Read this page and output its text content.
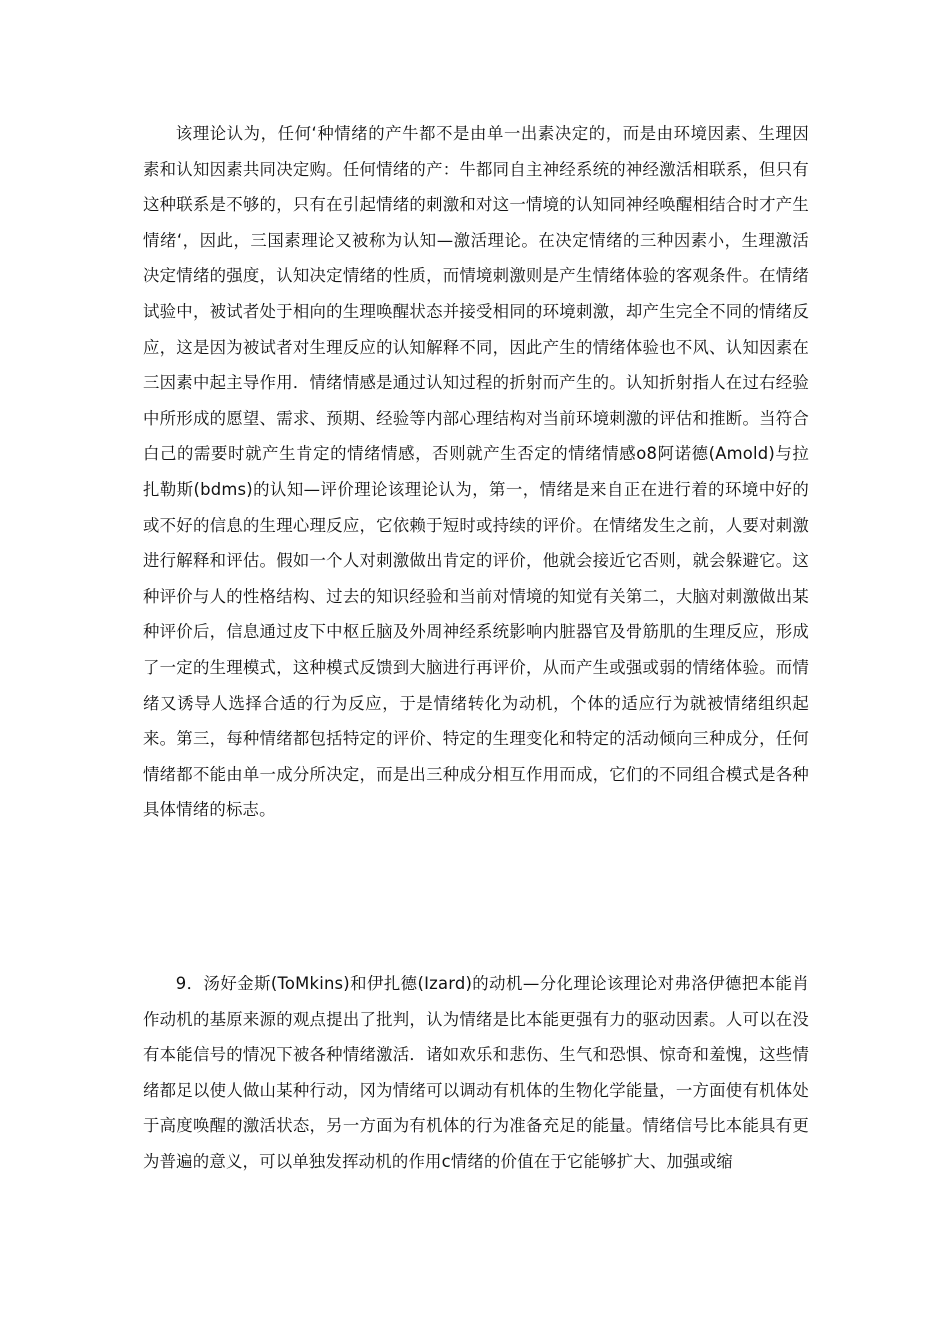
该理论认为，任何‘种情绪的产牛都不是由单一出素决定的，而是由环境因素、生理因素和认知因素共同决定购。任何情绪的产：牛都同自主神经系统的神经激活相联系，但只有这种联系是不够的，只有在引起情绪的刺激和对这一情境的认知同神经唤醒相结合时才产生情绪‘，因此，三国素理论又被称为认知—激活理论。在决定情绪的三种因素小，生理激活决定情绪的强度，认知决定情绪的性质，而情境刺激则是产生情绪体验的客观条件。在情绪试验中，被试者处于相向的生理唤醒状态并接受相同的环境刺激，却产生完全不同的情绪反应，这是因为被试者对生理反应的认知解释不同，因此产生的情绪体验也不风、认知因素在三因素中起主导作用．情绪情感是通过认知过程的折射而产生的。认知折射指人在过右经验中所形成的愿望、需求、预期、经验等内部心理结构对当前环境刺激的评估和推断。当符合白己的需要时就产生肯定的情绪情感，否则就产生否定的情绪情感o8阿诺德(Amold)与拉扎勒斯(bdms)的认知—评价理论该理论认为，第一，情绪是来自正在进行着的环境中好的或不好的信息的生理心理反应，它依赖于短时或持续的评价。在情绪发生之前，人要对刺激进行解释和评估。假如一个人对刺激做出肯定的评价，他就会接近它否则，就会躲避它。这种评价与人的性格结构、过去的知识经验和当前对情境的知觉有关第二，大脑对刺激做出某种评价后，信息通过皮下中枢丘脑及外周神经系统影响内脏器官及骨筋肌的生理反应，形成了一定的生理模式，这种模式反馈到大脑进行再评价，从而产生或强或弱的情绪体验。而情绪又诱导人选择合适的行为反应，于是情绪转化为动机，个体的适应行为就被情绪组织起来。第三，每种情绪都包括特定的评价、特定的生理变化和特定的活动倾向三种成分，任何情绪都不能由单一成分所决定，而是出三种成分相互作用而成，它们的不同组合模式是各种具体情绪的标志。

9．汤好金斯(ToMkins)和伊扎德(Izard)的动机—分化理论该理论对弗洛伊德把本能肖作动机的基原来源的观点提出了批判，认为情绪是比本能更强有力的驱动因素。人可以在没有本能信号的情况下被各种情绪激活．诸如欢乐和悲伤、生气和恐惧、惊奇和羞愧，这些情绪都足以使人做山某种行动，冈为情绪可以调动有机体的生物化学能量，一方面使有机体处于高度唤醒的激活状态，另一方面为有机体的行为准备充足的能量。情绪信号比本能具有更为普遍的意义，可以单独发挥动机的作用c情绪的价值在于它能够扩大、加强或缩
